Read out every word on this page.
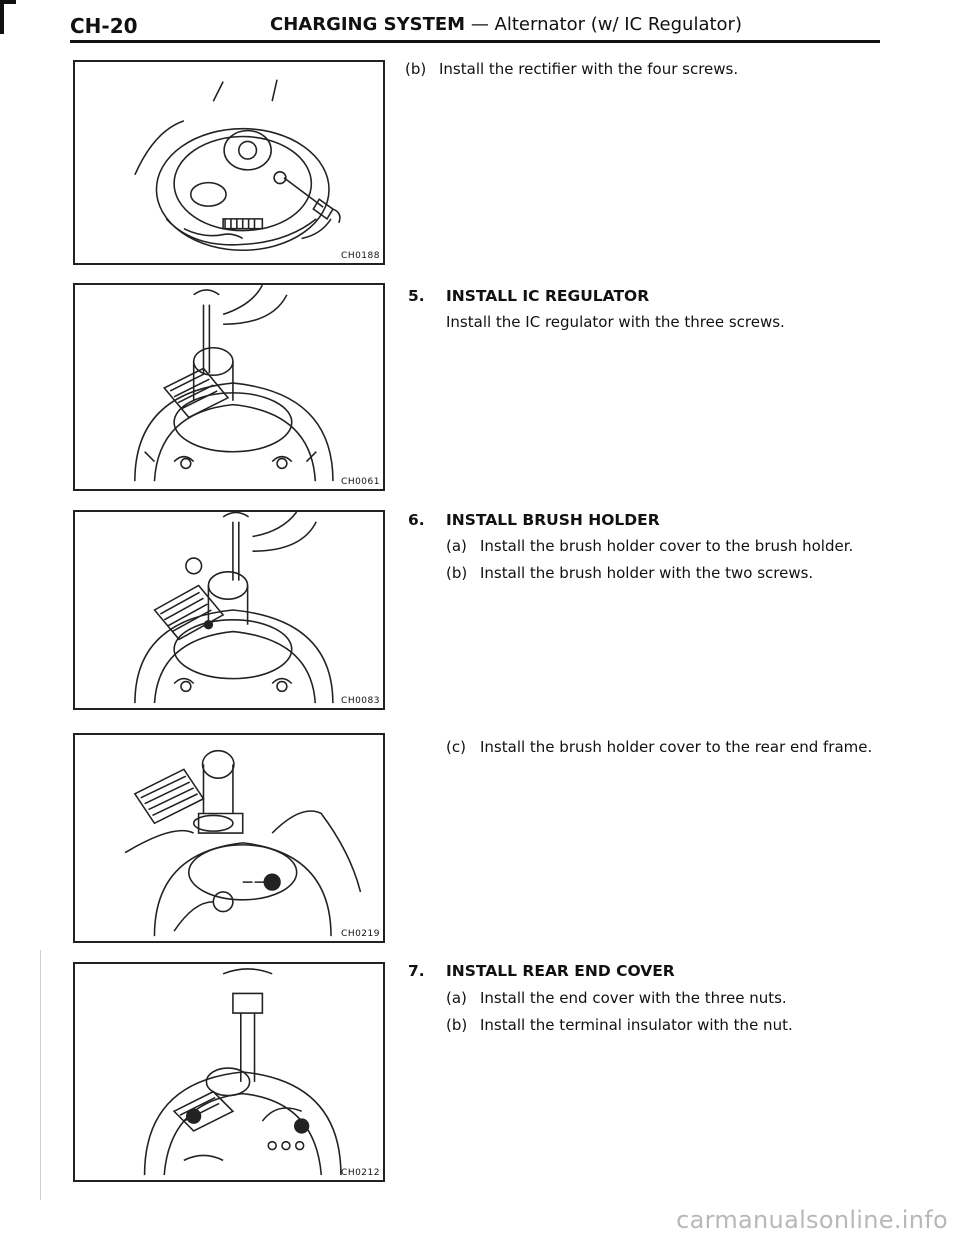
CH-20	CHARGING SYSTEM — Alternator (w/ IC Regulator)
CH0188
CH0061
CH0083
CH0219
CH0212
(b) Install the rectifier with the four screws.
5. INSTALL IC REGULATOR
Install the IC regulator with the three screws.
6. INSTALL BRUSH HOLDER
(a) Install the brush holder cover to the brush holder.
(b) Install the brush holder with the two screws.
(c) Install the brush holder cover to the rear end frame.
7. INSTALL REAR END COVER
(a) Install the end cover with the three nuts.
(b) Install the terminal insulator with the nut.
carmanualsonline.info
